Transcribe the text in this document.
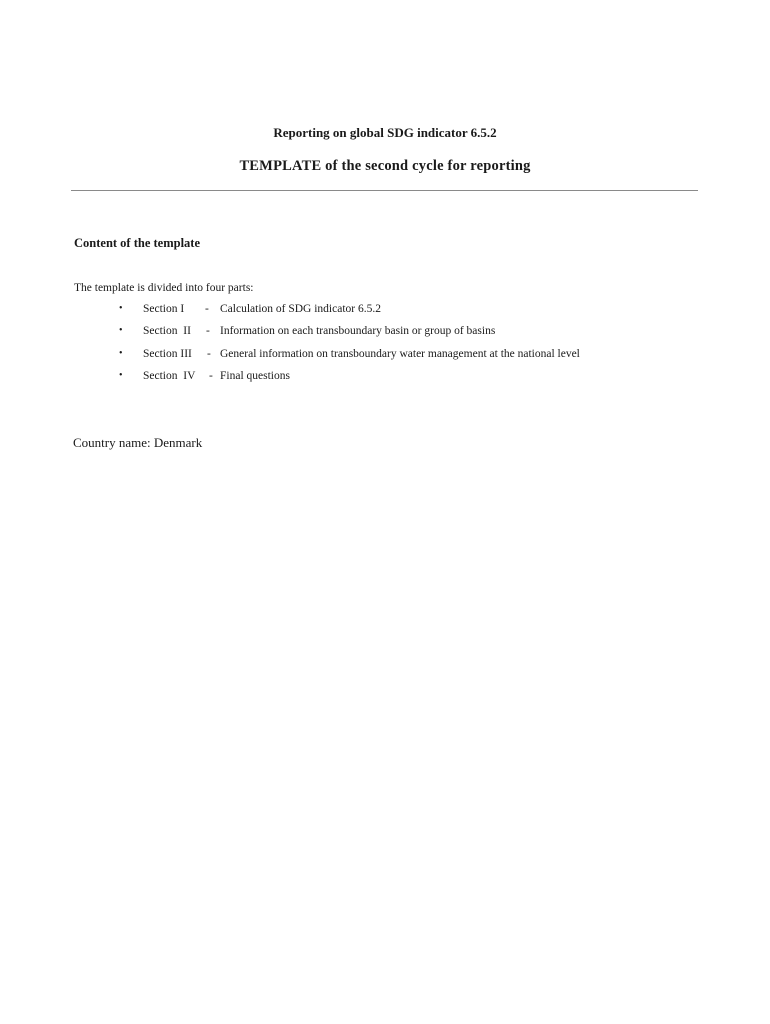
Reporting on global SDG indicator 6.5.2
TEMPLATE of the second cycle for reporting
Content of the template
The template is divided into four parts:
•	Section I - Calculation of SDG indicator 6.5.2
•	Section  II - Information on each transboundary basin or group of basins
•	Section III - General information on transboundary water management at the national level
•	Section  IV - Final questions
Country name: Denmark
